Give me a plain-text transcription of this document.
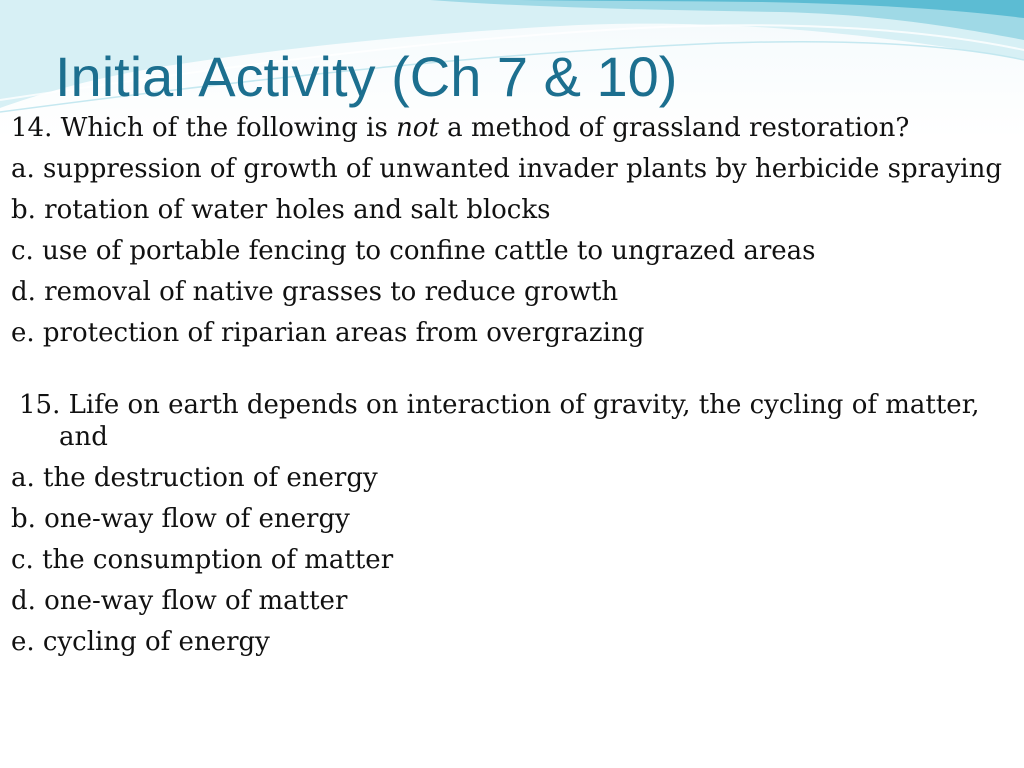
Initial Activity (Ch 7 & 10)

14. Which of the following is not a method of grassland restoration?

a. suppression of growth of unwanted invader plants by herbicide spraying

b. rotation of water holes and salt blocks

c. use of portable fencing to confine cattle to ungrazed areas

d. removal of native grasses to reduce growth

e. protection of riparian areas from overgrazing

15. Life on earth depends on interaction of gravity, the cycling of matter, and

a. the destruction of energy

b. one-way flow of energy

c. the consumption of matter

d. one-way flow of matter

e. cycling of energy
